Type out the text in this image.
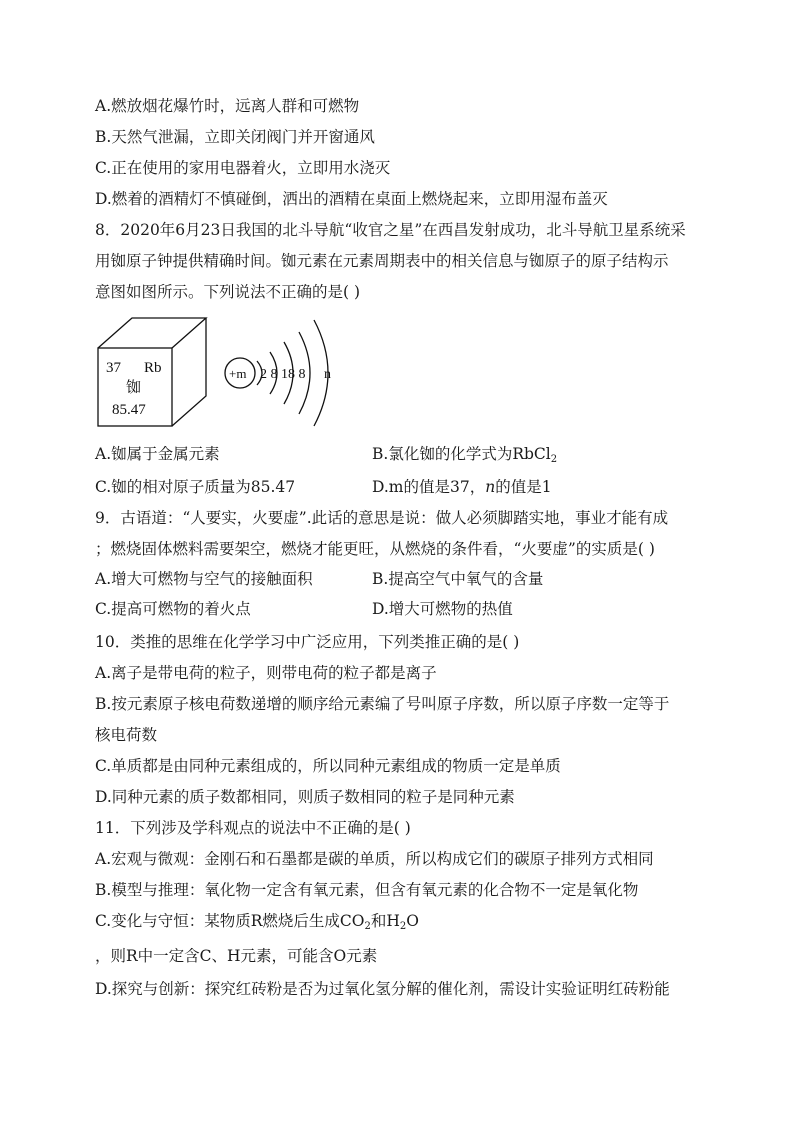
A.燃放烟花爆竹时，远离人群和可燃物
B.天然气泄漏，立即关闭阀门并开窗通风
C.正在使用的家用电器着火，立即用水浇灭
D.燃着的酒精灯不慎碰倒，洒出的酒精在桌面上燃烧起来，立即用湿布盖灭
8．2020年6月23日我国的北斗导航“收官之星”在西昌发射成功，北斗导航卫星系统采
用铷原子钟提供精确时间。铷元素在元素周期表中的相关信息与铷原子的原子结构示
意图如图所示。下列说法不正确的是( )
37 Rb
铷
85.47
+m 2 8 18 8 n
A.铷属于金属元素	B.氯化铷的化学式为RbCl$_2$
C.铷的相对原子质量为85.47	D.m的值是37，n的值是1
9．古语道：“人要实，火要虚”.此话的意思是说：做人必须脚踏实地，事业才能有成
；燃烧固体燃料需要架空，燃烧才能更旺，从燃烧的条件看，“火要虚”的实质是( )
A.增大可燃物与空气的接触面积	B.提高空气中氧气的含量
C.提高可燃物的着火点	D.增大可燃物的热值
10．类推的思维在化学学习中广泛应用，下列类推正确的是( )
A.离子是带电荷的粒子，则带电荷的粒子都是离子
B.按元素原子核电荷数递增的顺序给元素编了号叫原子序数，所以原子序数一定等于
核电荷数
C.单质都是由同种元素组成的，所以同种元素组成的物质一定是单质
D.同种元素的质子数都相同，则质子数相同的粒子是同种元素
11．下列涉及学科观点的说法中不正确的是( )
A.宏观与微观：金刚石和石墨都是碳的单质，所以构成它们的碳原子排列方式相同
B.模型与推理：氧化物一定含有氧元素，但含有氧元素的化合物不一定是氧化物
C.变化与守恒：某物质R燃烧后生成$CO_2$和$H_2O$
，则R中一定含C、H元素，可能含O元素
D.探究与创新：探究红砖粉是否为过氧化氢分解的催化剂，需设计实验证明红砖粉能
